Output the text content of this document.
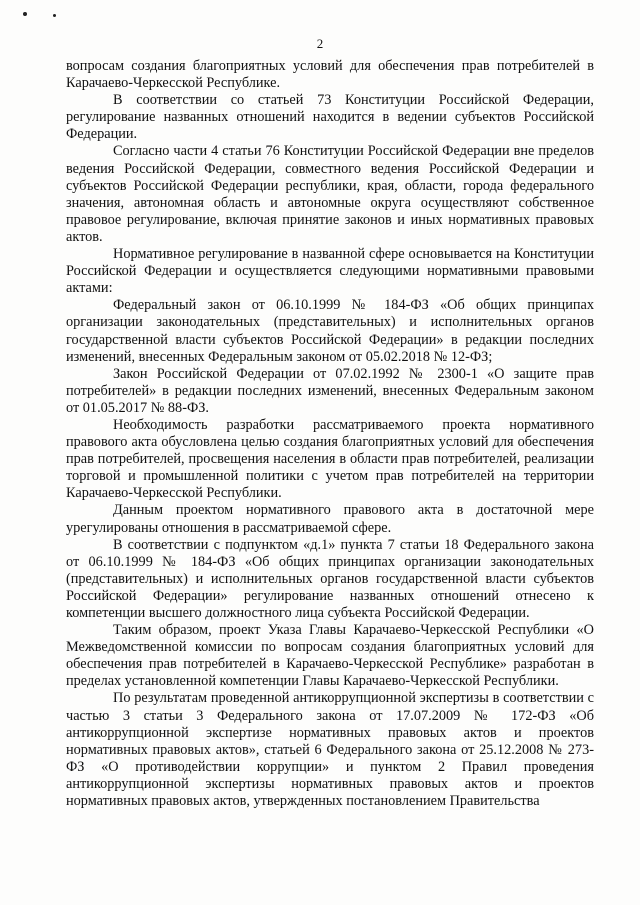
2

вопросам создания благоприятных условий для обеспечения прав потребителей в Карачаево-Черкесской Республике.

В соответствии со статьей 73 Конституции Российской Федерации, регулирование названных отношений находится в ведении субъектов Российской Федерации.

Согласно части 4 статьи 76 Конституции Российской Федерации вне пределов ведения Российской Федерации, совместного ведения Российской Федерации и субъектов Российской Федерации республики, края, области, города федерального значения, автономная область и автономные округа осуществляют собственное правовое регулирование, включая принятие законов и иных нормативных правовых актов.

Нормативное регулирование в названной сфере основывается на Конституции Российской Федерации и осуществляется следующими нормативными правовыми актами:

Федеральный закон от 06.10.1999 № 184-ФЗ «Об общих принципах организации законодательных (представительных) и исполнительных органов государственной власти субъектов Российской Федерации» в редакции последних изменений, внесенных Федеральным законом от 05.02.2018 № 12-ФЗ;

Закон Российской Федерации от 07.02.1992 № 2300-1 «О защите прав потребителей» в редакции последних изменений, внесенных Федеральным законом от 01.05.2017 № 88-ФЗ.

Необходимость разработки рассматриваемого проекта нормативного правового акта обусловлена целью создания благоприятных условий для обеспечения прав потребителей, просвещения населения в области прав потребителей, реализации торговой и промышленной политики с учетом прав потребителей на территории Карачаево-Черкесской Республики.

Данным проектом нормативного правового акта в достаточной мере урегулированы отношения в рассматриваемой сфере.

В соответствии с подпунктом «д.1» пункта 7 статьи 18 Федерального закона от 06.10.1999 № 184-ФЗ «Об общих принципах организации законодательных (представительных) и исполнительных органов государственной власти субъектов Российской Федерации» регулирование названных отношений отнесено к компетенции высшего должностного лица субъекта Российской Федерации.

Таким образом, проект Указа Главы Карачаево-Черкесской Республики «О Межведомственной комиссии по вопросам создания благоприятных условий для обеспечения прав потребителей в Карачаево-Черкесской Республике» разработан в пределах установленной компетенции Главы Карачаево-Черкесской Республики.

По результатам проведенной антикоррупционной экспертизы в соответствии с частью 3 статьи 3 Федерального закона от 17.07.2009 № 172-ФЗ «Об антикоррупционной экспертизе нормативных правовых актов и проектов нормативных правовых актов», статьей 6 Федерального закона от 25.12.2008 № 273-ФЗ «О противодействии коррупции» и пунктом 2 Правил проведения антикоррупционной экспертизы нормативных правовых актов и проектов нормативных правовых актов, утвержденных постановлением Правительства
